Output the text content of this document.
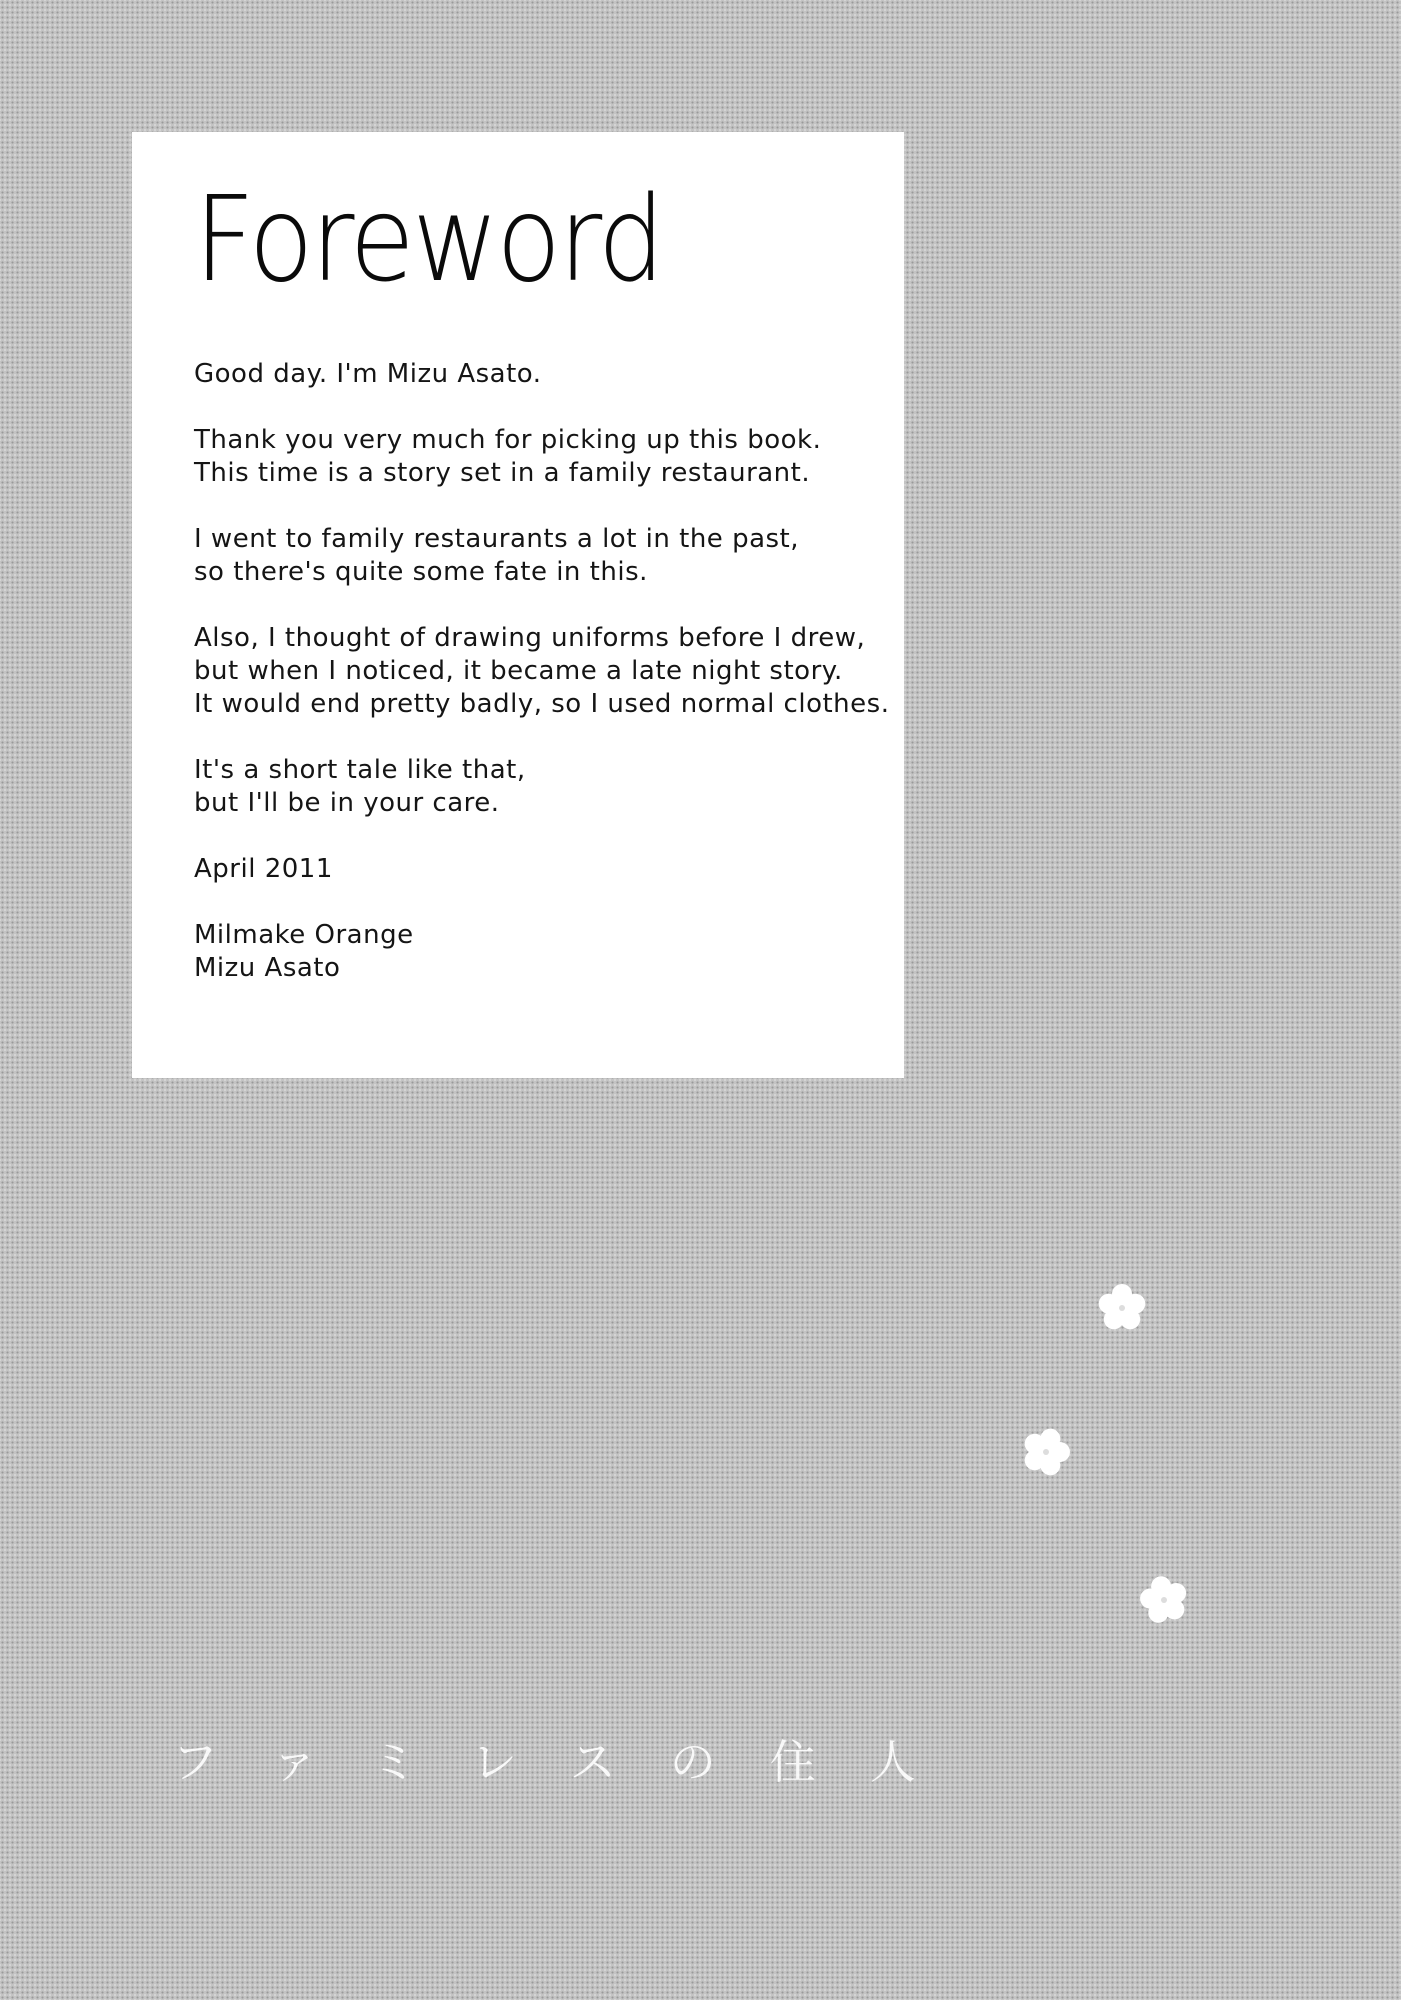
Foreword

Good day. I'm Mizu Asato.

Thank you very much for picking up this book.
This time is a story set in a family restaurant.

I went to family restaurants a lot in the past,
so there's quite some fate in this.

Also, I thought of drawing uniforms before I drew,
but when I noticed, it became a late night story.
It would end pretty badly, so I used normal clothes.

It's a short tale like that,
but I'll be in your care.

April 2011

Milmake Orange
Mizu Asato

ファミレスの住人
